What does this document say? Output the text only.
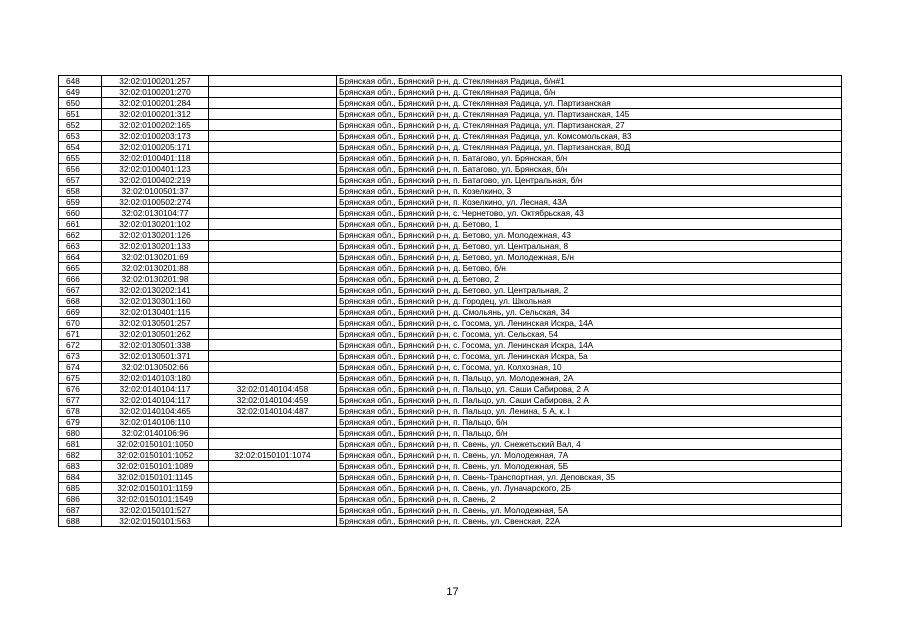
648	32:02:0100201:257		Брянская обл., Брянский р-н, д. Стеклянная Радица, б/н#1
649	32:02:0100201:270		Брянская обл., Брянский р-н, д. Стеклянная Радица, б/н
650	32:02:0100201:284		Брянская обл., Брянский р-н, д. Стеклянная Радица, ул. Партизанская
651	32:02:0100201:312		Брянская обл., Брянский р-н, д. Стеклянная Радица, ул. Партизанская, 145
652	32:02:0100202:165		Брянская обл., Брянский р-н, д. Стеклянная Радица, ул. Партизанская, 27
653	32:02:0100203:173		Брянская обл., Брянский р-н, д. Стеклянная Радица, ул. Комсомольская, 83
654	32:02:0100205:171		Брянская обл., Брянский р-н, д. Стеклянная Радица, ул. Партизанская, 80Д
655	32:02:0100401:118		Брянская обл., Брянский р-н, п. Батагово, ул. Брянская, б/н
656	32:02:0100401:123		Брянская обл., Брянский р-н, п. Батагово, ул. Брянская, б/н
657	32:02:0100402:219		Брянская обл., Брянский р-н, п. Батагово, ул. Центральная, б/н
658	32:02:0100501:37		Брянская обл., Брянский р-н, п. Козелкино, 3
659	32:02:0100502:274		Брянская обл., Брянский р-н, п. Козелкино, ул. Лесная, 43А
660	32:02:0130104:77		Брянская обл., Брянский р-н, с. Чернетово, ул. Октябрьская, 43
661	32:02:0130201:102		Брянская обл., Брянский р-н, д. Бетово, 1
662	32:02:0130201:126		Брянская обл., Брянский р-н, д. Бетово, ул. Молодежная, 43
663	32:02:0130201:133		Брянская обл., Брянский р-н, д. Бетово, ул. Центральная, 8
664	32:02:0130201:69		Брянская обл., Брянский р-н, д. Бетово, ул. Молодежная, Б/н
665	32:02:0130201:88		Брянская обл., Брянский р-н, д. Бетово, б/н
666	32:02:0130201:98		Брянская обл., Брянский р-н, д. Бетово, 2
667	32:02:0130202:141		Брянская обл., Брянский р-н, д. Бетово, ул. Центральная, 2
668	32:02:0130301:160		Брянская обл., Брянский р-н, д. Городец, ул. Школьная
669	32:02:0130401:115		Брянская обл., Брянский р-н, д. Смольянь, ул. Сельская, 34
670	32:02:0130501:257		Брянская обл., Брянский р-н, с. Госома, ул. Ленинская Искра, 14А
671	32:02:0130501:262		Брянская обл., Брянский р-н, с. Госома, ул. Сельская, 54
672	32:02:0130501:338		Брянская обл., Брянский р-н, с. Госома, ул. Ленинская Искра, 14А
673	32:02:0130501:371		Брянская обл., Брянский р-н, с. Госома, ул. Ленинская Искра, 5а
674	32:02:0130502:66		Брянская обл., Брянский р-н, с. Госома, ул. Колхозная, 10
675	32:02:0140103:180		Брянская обл., Брянский р-н, п. Пальцо, ул. Молодежная, 2А
676	32:02:0140104:117	32:02:0140104:458	Брянская обл., Брянский р-н, п. Пальцо, ул. Саши Сабирова, 2 А
677	32:02:0140104:117	32:02:0140104:459	Брянская обл., Брянский р-н, п. Пальцо, ул. Саши Сабирова, 2 А
678	32:02:0140104:465	32:02:0140104:487	Брянская обл., Брянский р-н, п. Пальцо, ул. Ленина, 5 А, к. I
679	32:02:0140106:110		Брянская обл., Брянский р-н, п. Пальцо, б/н
680	32:02:0140106:96		Брянская обл., Брянский р-н, п. Пальцо, б/н
681	32:02:0150101:1050		Брянская обл., Брянский р-н, п. Свень, ул. Снежетьский Вал, 4
682	32:02:0150101:1052	32:02:0150101:1074	Брянская обл., Брянский р-н, п. Свень, ул. Молодежная, 7А
683	32:02:0150101:1089		Брянская обл., Брянский р-н, п. Свень, ул. Молодежная, 5Б
684	32:02:0150101:1145		Брянская обл., Брянский р-н, п. Свень-Транспортная, ул. Деповская, 35
685	32:02:0150101:1159		Брянская обл., Брянский р-н, п. Свень, ул. Луначарского, 2Б
686	32:02:0150101:1549		Брянская обл., Брянский р-н, п. Свень, 2
687	32:02:0150101:527		Брянская обл., Брянский р-н, п. Свень, ул. Молодежная, 5А
688	32:02:0150101:563		Брянская обл., Брянский р-н, п. Свень, ул. Свенская, 22А
17
